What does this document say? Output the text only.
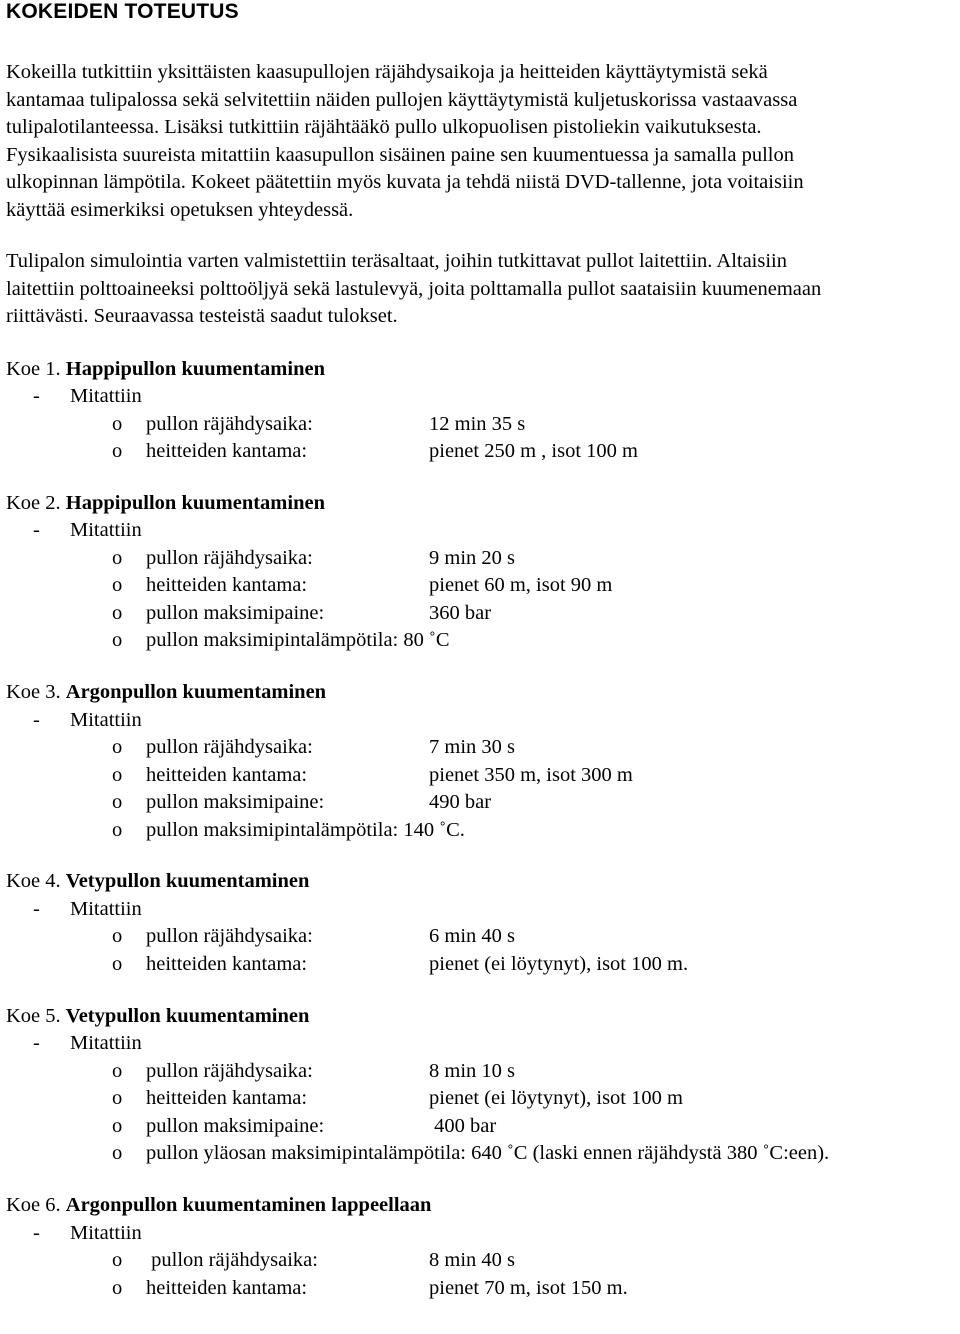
KOKEIDEN TOTEUTUS
Kokeilla tutkittiin yksittäisten kaasupullojen räjähdysaikoja ja heitteiden käyttäytymistä sekä
kantamaa tulipalossa sekä selvitettiin näiden pullojen käyttäytymistä kuljetuskorissa vastaavassa
tulipalotilanteessa. Lisäksi tutkittiin räjähtääkö pullo ulkopuolisen pistoliekin vaikutuksesta.
Fysikaalisista suureista mitattiin kaasupullon sisäinen paine sen kuumentuessa ja samalla pullon
ulkopinnan lämpötila. Kokeet päätettiin myös kuvata ja tehdä niistä DVD-tallenne, jota voitaisiin
käyttää esimerkiksi opetuksen yhteydessä.
Tulipalon simulointia varten valmistettiin teräsaltaat, joihin tutkittavat pullot laitettiin. Altaisiin
laitettiin polttoaineeksi polttoöljyä sekä lastulevyä, joita polttamalla pullot saataisiin kuumenemaan
riittävästi. Seuraavassa testeistä saadut tulokset.
Koe 1. Happipullon kuumentaminen
- Mitattiin
o pullon räjähdysaika:	12 min 35 s
o heitteiden kantama:	pienet 250 m , isot 100 m
Koe 2. Happipullon kuumentaminen
- Mitattiin
o pullon räjähdysaika:	9 min 20 s
o heitteiden kantama:	pienet 60 m, isot 90 m
o pullon maksimipaine:	360 bar
o pullon maksimipintalämpötila: 80 ˚C
Koe 3. Argonpullon kuumentaminen
- Mitattiin
o pullon räjähdysaika:	7 min 30 s
o heitteiden kantama:	pienet 350 m, isot 300 m
o pullon maksimipaine:	490 bar
o pullon maksimipintalämpötila: 140 ˚C.
Koe 4. Vetypullon kuumentaminen
- Mitattiin
o pullon räjähdysaika:	6 min 40 s
o heitteiden kantama:	pienet (ei löytynyt), isot 100 m.
Koe 5. Vetypullon kuumentaminen
- Mitattiin
o pullon räjähdysaika:	8 min 10 s
o heitteiden kantama:	pienet (ei löytynyt), isot 100 m
o pullon maksimipaine:	400 bar
o pullon yläosan maksimipintalämpötila: 640 ˚C (laski ennen räjähdystä 380 ˚C:een).
Koe 6. Argonpullon kuumentaminen lappeellaan
- Mitattiin
o pullon räjähdysaika:	8 min 40 s
o heitteiden kantama:	pienet 70 m, isot 150 m.
